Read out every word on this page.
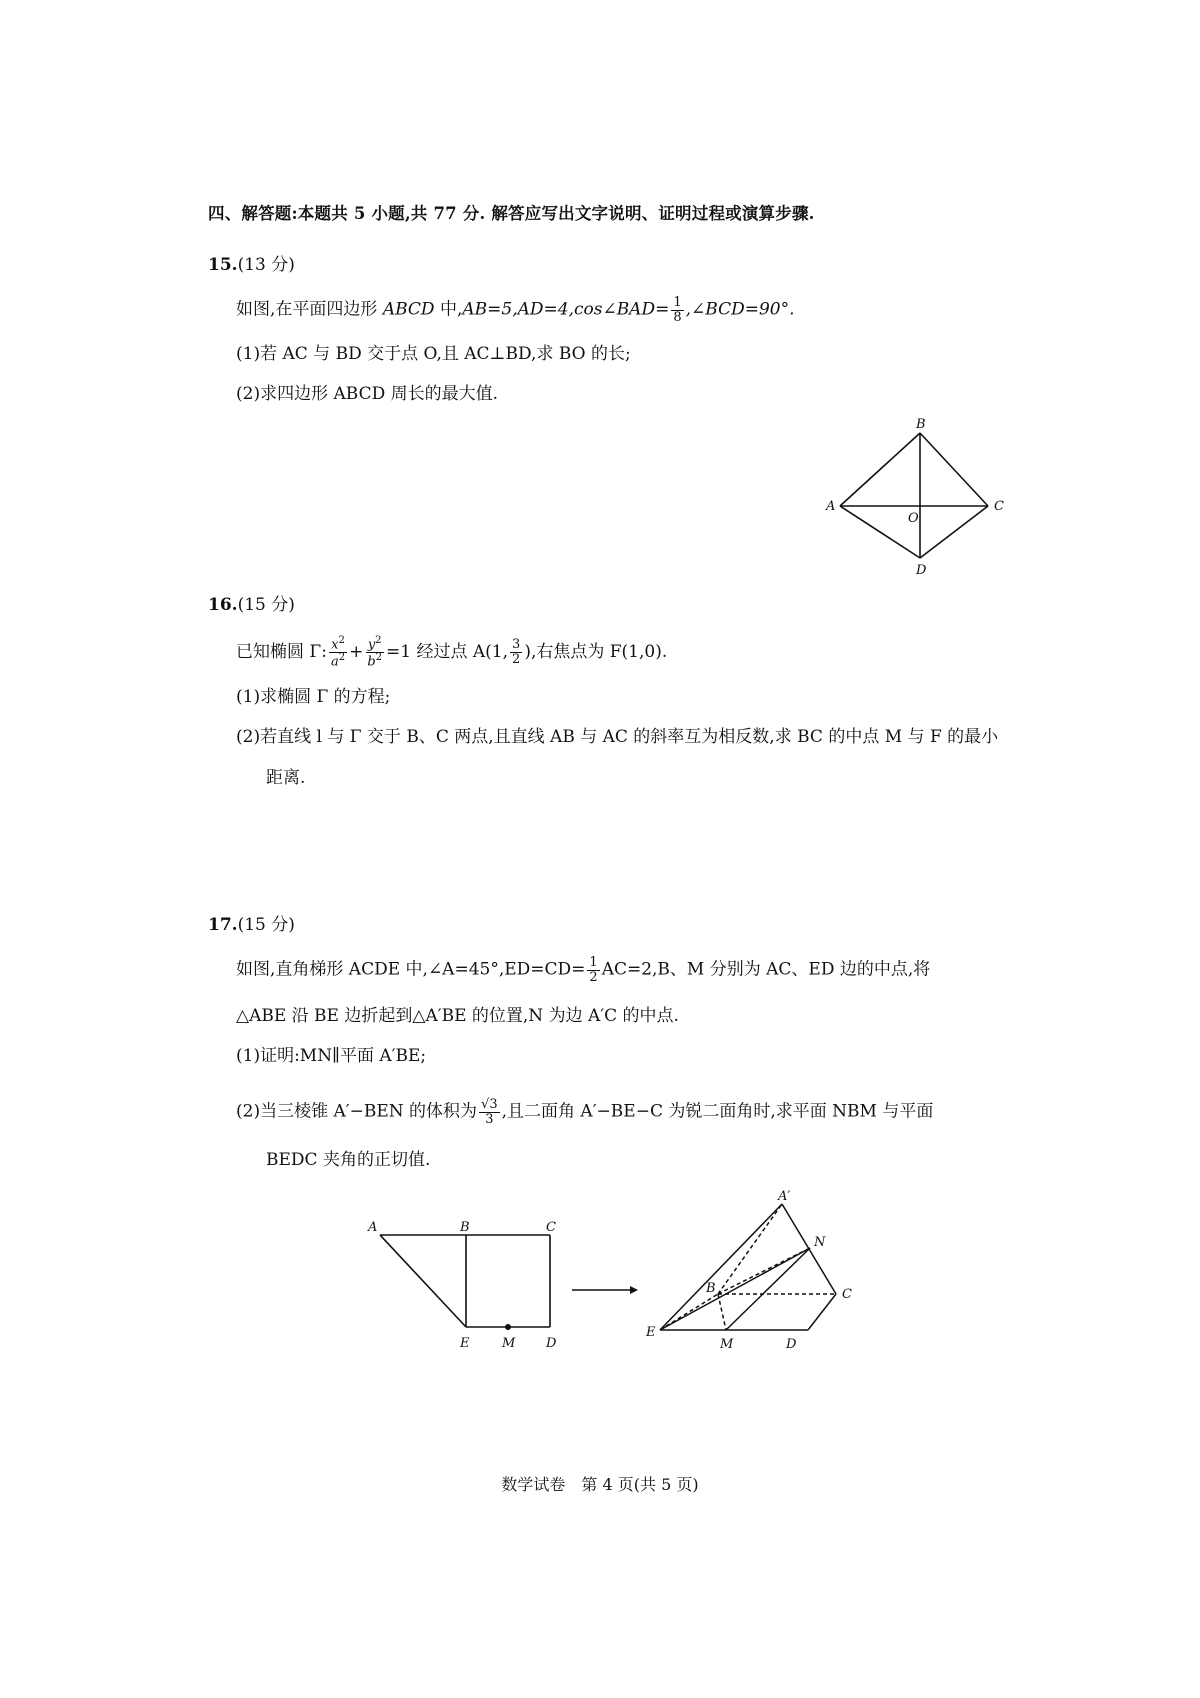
四、解答题:本题共 5 小题,共 77 分. 解答应写出文字说明、证明过程或演算步骤.
15.(13 分)
如图,在平面四边形 ABCD 中,AB=5,AD=4,cos∠BAD= $\frac{1}{8}$ ,∠BCD=90°.
(1)若 AC 与 BD 交于点 O,且 AC⊥BD,求 BO 的长;
(2)求四边形 ABCD 周长的最大值.
B
A	C
O
D
16.(15 分)
已知椭圆 Γ: $\frac{x^2}{a^2} + \frac{y^2}{b^2} =1$ 经过点 A(1, $\frac{3}{2}$ ),右焦点为 F(1,0).
(1)求椭圆 Γ 的方程;
(2)若直线 l 与 Γ 交于 B、C 两点,且直线 AB 与 AC 的斜率互为相反数,求 BC 的中点 M 与 F 的最小
距离.
17.(15 分)
如图,直角梯形 ACDE 中,∠A=45°,ED=CD= $\frac{1}{2} AC=2,B$、M 分别为 AC、ED 边的中点,将
△ABE 沿 BE 边折起到△A′BE 的位置,N 为边 A′C 的中点.
(1)证明:MN∥平面 A′BE;
(2)当三棱锥 A′−BEN 的体积为 $\frac{√3}{3}$ ,且二面角 A′−BE−C 为锐二面角时,求平面 NBM 与平面
BEDC 夹角的正切值.
A	B	C
E	M D
A′
N
B	C
E
M	D
数学试卷　第 4 页(共 5 页)
